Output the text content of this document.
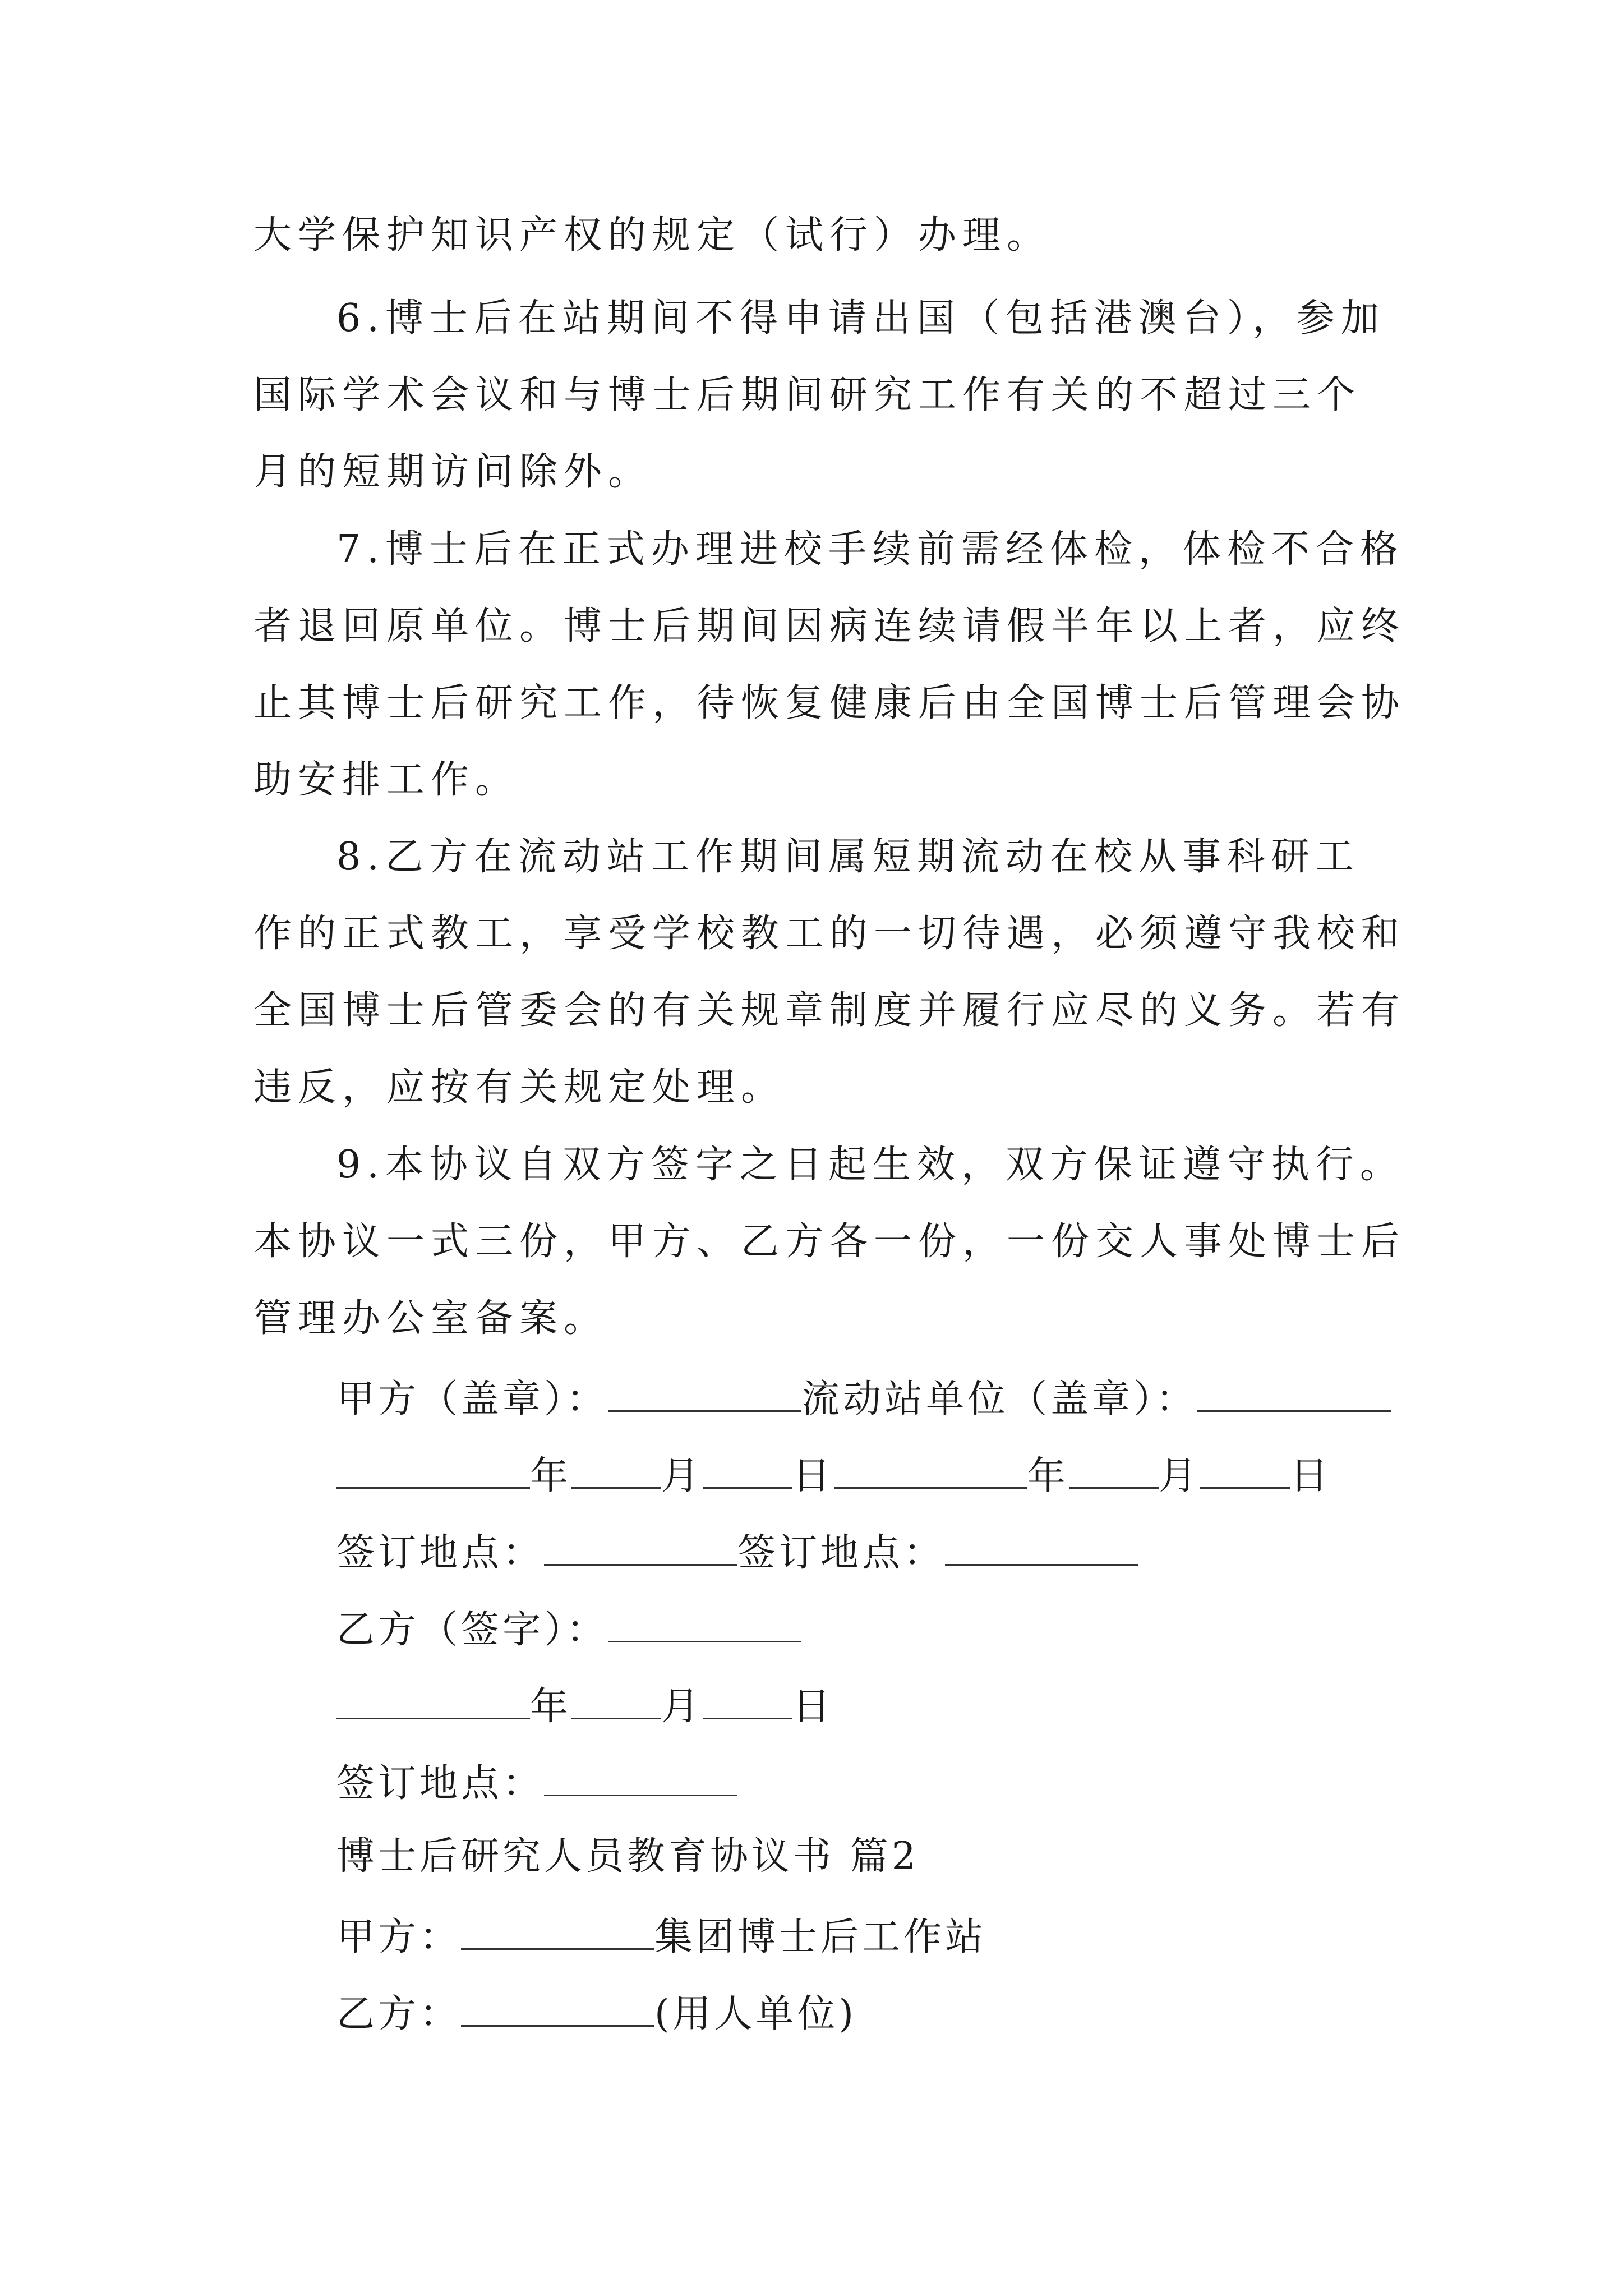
大学保护知识产权的规定（试行）办理。
6.博士后在站期间不得申请出国（包括港澳台），参加
国际学术会议和与博士后期间研究工作有关的不超过三个
月的短期访问除外。
7.博士后在正式办理进校手续前需经体检，体检不合格
者退回原单位。博士后期间因病连续请假半年以上者，应终
止其博士后研究工作，待恢复健康后由全国博士后管理会协
助安排工作。
8.乙方在流动站工作期间属短期流动在校从事科研工
作的正式教工，享受学校教工的一切待遇，必须遵守我校和
全国博士后管委会的有关规章制度并履行应尽的义务。若有
违反，应按有关规定处理。
9.本协议自双方签字之日起生效，双方保证遵守执行。
本协议一式三份，甲方、乙方各一份，一份交人事处博士后
管理办公室备案。
甲方（盖章）：	流动站单位（盖章）：
年 月 日	年 月 日
签订地点：	签订地点：
乙方（签字）：
年 月 日
签订地点：
博士后研究人员教育协议书 篇2
甲方：	集团博士后工作站
乙方：	(用人单位)
